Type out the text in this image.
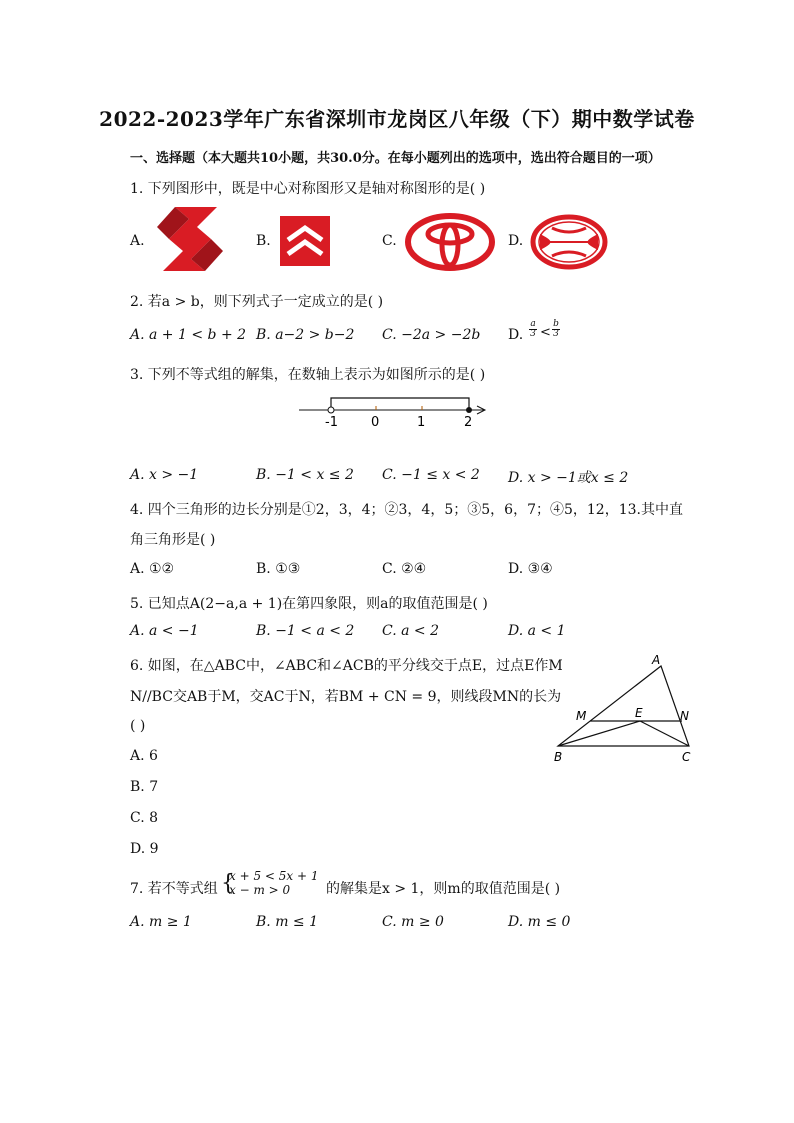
2022-2023学年广东省深圳市龙岗区八年级（下）期中数学试卷
一、选择题（本大题共10小题，共30.0分。在每小题列出的选项中，选出符合题目的一项）
1. 下列图形中，既是中心对称图形又是轴对称图形的是( )
A.	B.	C.	D.
2. 若a > b，则下列式子一定成立的是( )
A. a + 1 < b + 2 B. a−2 > b−2 C. −2a > −2b D. $\frac{a}{3} < \frac{b}{3}$
3. 下列不等式组的解集，在数轴上表示为如图所示的是( )
-1	0	1	2
A. x > −1	B. −1 < x ≤ 2 C. −1 ≤ x < 2 D. x > −1或x ≤ 2
4. 四个三角形的边长分别是①2，3，4；②3，4，5；③5，6，7；④5，12，13.其中直
角三角形是( )
A. ①②	B. ①③	C. ②④	D. ③④
5. 已知点A(2−a,a + 1)在第四象限，则a的取值范围是( )
A. a < −1	B. −1 < a < 2 C. a < 2	D. a < 1
6. 如图，在△ABC中，∠ABC和∠ACB的平分线交于点E，过点E作M
N//BC交AB于M，交AC于N，若BM + CN = 9，则线段MN的长为
( )
A. 6
B. 7
C. 8
D. 9
A
M	E	N
B	C
7. 若不等式组 {
x + 5 < 5x + 1
x − m > 0	的解集是x > 1，则m的取值范围是( )
A. m ≥ 1	B. m ≤ 1	C. m ≥ 0	D. m ≤ 0
